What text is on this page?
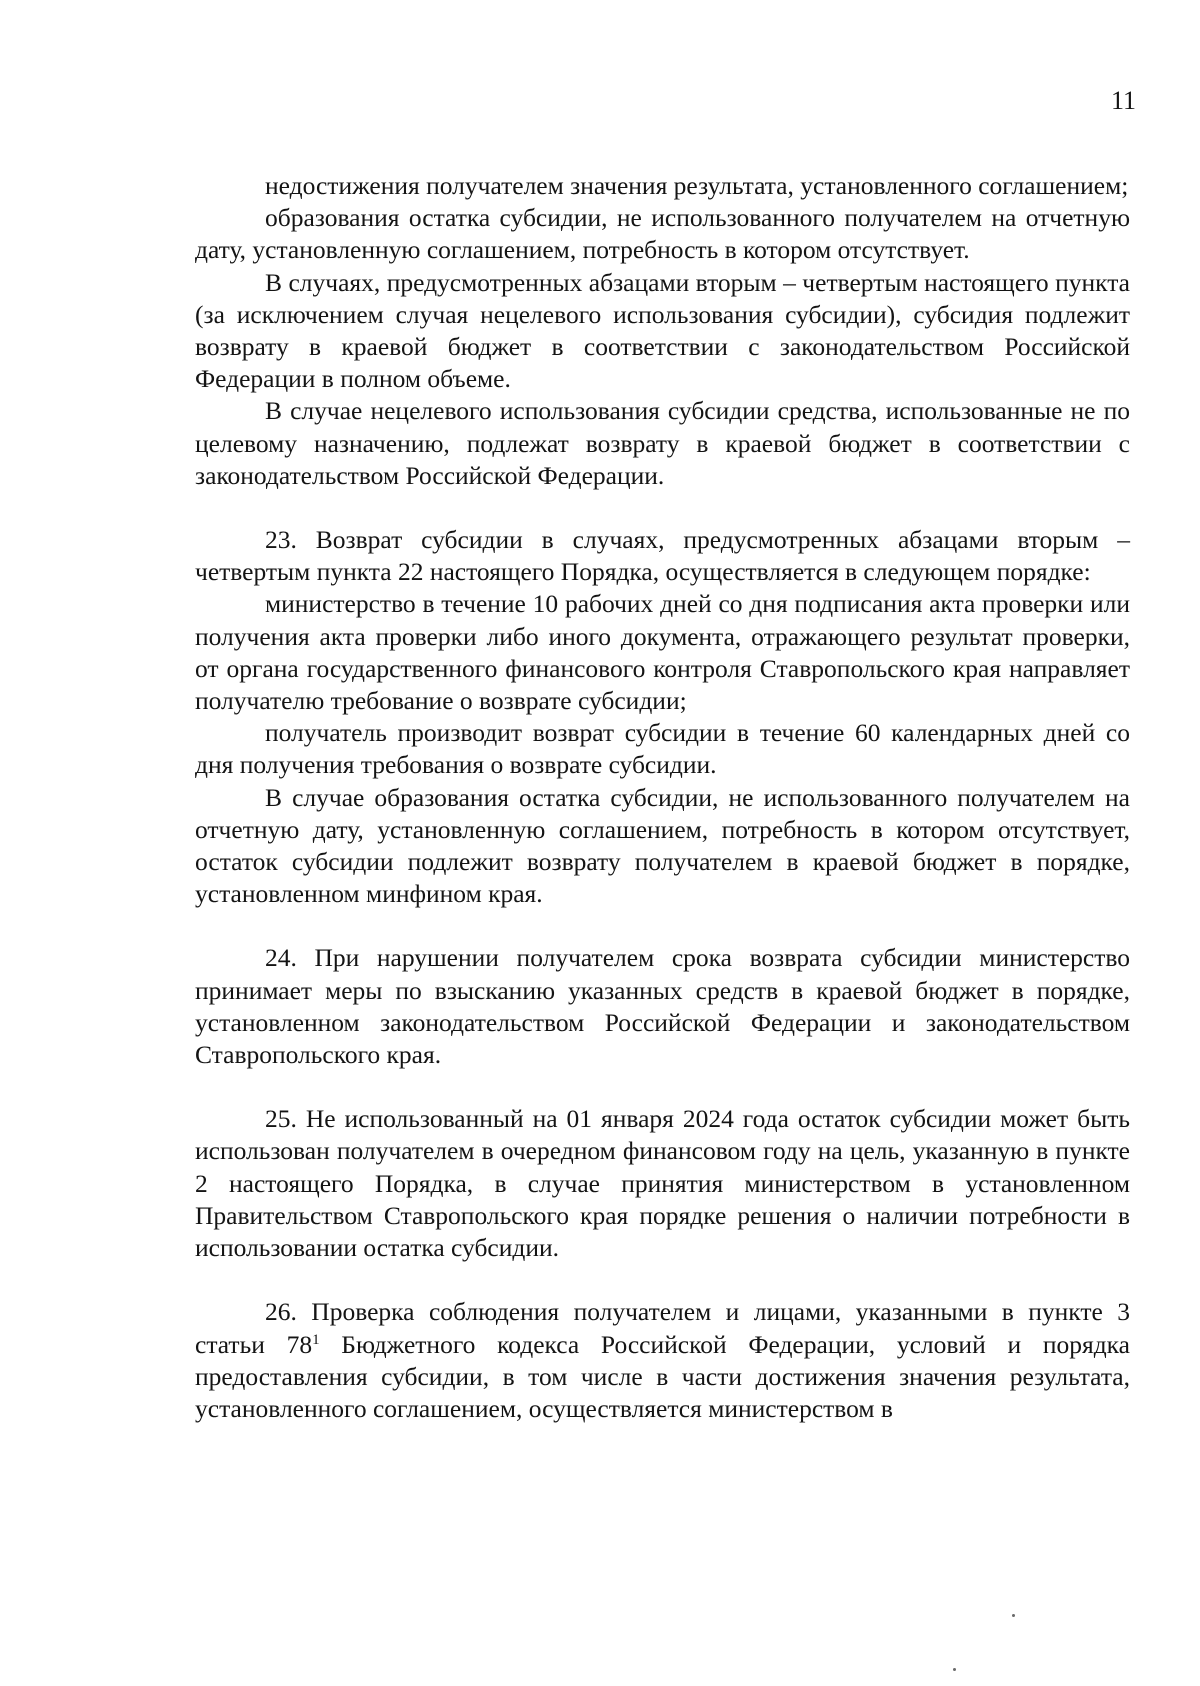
11

недостижения получателем значения результата, установленного соглашением;

образования остатка субсидии, не использованного получателем на отчетную дату, установленную соглашением, потребность в котором отсутствует.

В случаях, предусмотренных абзацами вторым – четвертым настоящего пункта (за исключением случая нецелевого использования субсидии), субсидия подлежит возврату в краевой бюджет в соответствии с законодательством Российской Федерации в полном объеме.

В случае нецелевого использования субсидии средства, использованные не по целевому назначению, подлежат возврату в краевой бюджет в соответствии с законодательством Российской Федерации.

23. Возврат субсидии в случаях, предусмотренных абзацами вторым – четвертым пункта 22 настоящего Порядка, осуществляется в следующем порядке:

министерство в течение 10 рабочих дней со дня подписания акта проверки или получения акта проверки либо иного документа, отражающего результат проверки, от органа государственного финансового контроля Ставропольского края направляет получателю требование о возврате субсидии;

получатель производит возврат субсидии в течение 60 календарных дней со дня получения требования о возврате субсидии.

В случае образования остатка субсидии, не использованного получателем на отчетную дату, установленную соглашением, потребность в котором отсутствует, остаток субсидии подлежит возврату получателем в краевой бюджет в порядке, установленном минфином края.

24. При нарушении получателем срока возврата субсидии министерство принимает меры по взысканию указанных средств в краевой бюджет в порядке, установленном законодательством Российской Федерации и законодательством Ставропольского края.

25. Не использованный на 01 января 2024 года остаток субсидии может быть использован получателем в очередном финансовом году на цель, указанную в пункте 2 настоящего Порядка, в случае принятия министерством в установленном Правительством Ставропольского края порядке решения о наличии потребности в использовании остатка субсидии.

26. Проверка соблюдения получателем и лицами, указанными в пункте 3 статьи $78^1$ Бюджетного кодекса Российской Федерации, условий и порядка предоставления субсидии, в том числе в части достижения значения результата, установленного соглашением, осуществляется министерством в
